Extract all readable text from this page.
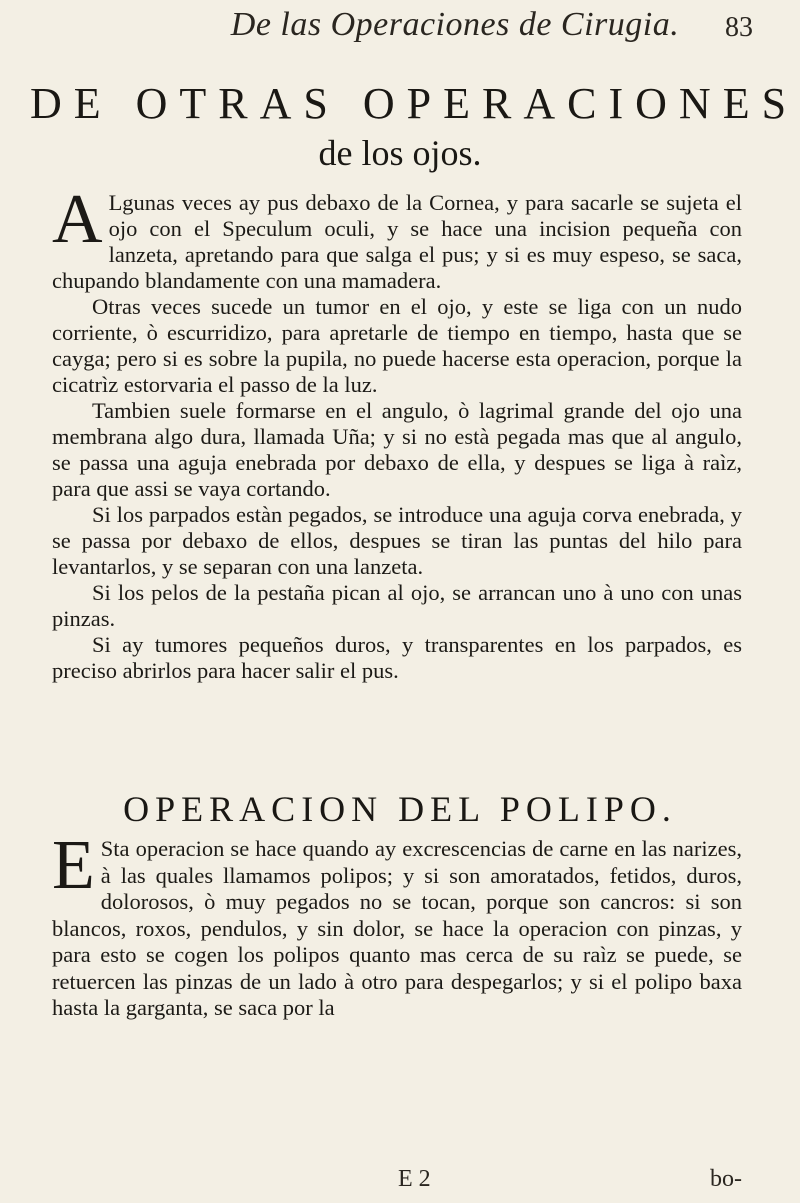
De las Operaciones de Cirugia.	83
DE OTRAS OPERACIONES
de los ojos.

A Lgunas veces ay pus debaxo de la Cornea, y para sacarle se sujeta el ojo con el Speculum oculi, y se hace una incision pequeña con lanzeta, apretando para que salga el pus; y si es muy espeso, se saca, chupando blandamente con una mamadera.

Otras veces sucede un tumor en el ojo, y este se liga con un nudo corriente, ò escurridizo, para apretarle de tiempo en tiempo, hasta que se cayga; pero si es sobre la pupila, no puede hacerse esta operacion, porque la cicatrìz estorvaria el passo de la luz.

Tambien suele formarse en el angulo, ò lagrimal grande del ojo una membrana algo dura, llamada Uña; y si no està pegada mas que al angulo, se passa una aguja enebrada por debaxo de ella, y despues se liga à raìz, para que assi se vaya cortando.

Si los parpados estàn pegados, se introduce una aguja corva enebrada, y se passa por debaxo de ellos, despues se tiran las puntas del hilo para levantarlos, y se separan con una lanzeta.

Si los pelos de la pestaña pican al ojo, se arrancan uno à uno con unas pinzas.

Si ay tumores pequeños duros, y transparentes en los parpados, es preciso abrirlos para hacer salir el pus.

OPERACION DEL POLIPO.

E Sta operacion se hace quando ay excrescencias de carne en las narizes, à las quales llamamos polipos; y si son amoratados, fetidos, duros, dolorosos, ò muy pegados no se tocan, porque son cancros: si son blancos, roxos, pendulos, y sin dolor, se hace la operacion con pinzas, y para esto se cogen los polipos quanto mas cerca de su raìz se puede, se retuercen las pinzas de un lado à otro para despegarlos; y si el polipo baxa hasta la garganta, se saca por la

E 2	bo-
